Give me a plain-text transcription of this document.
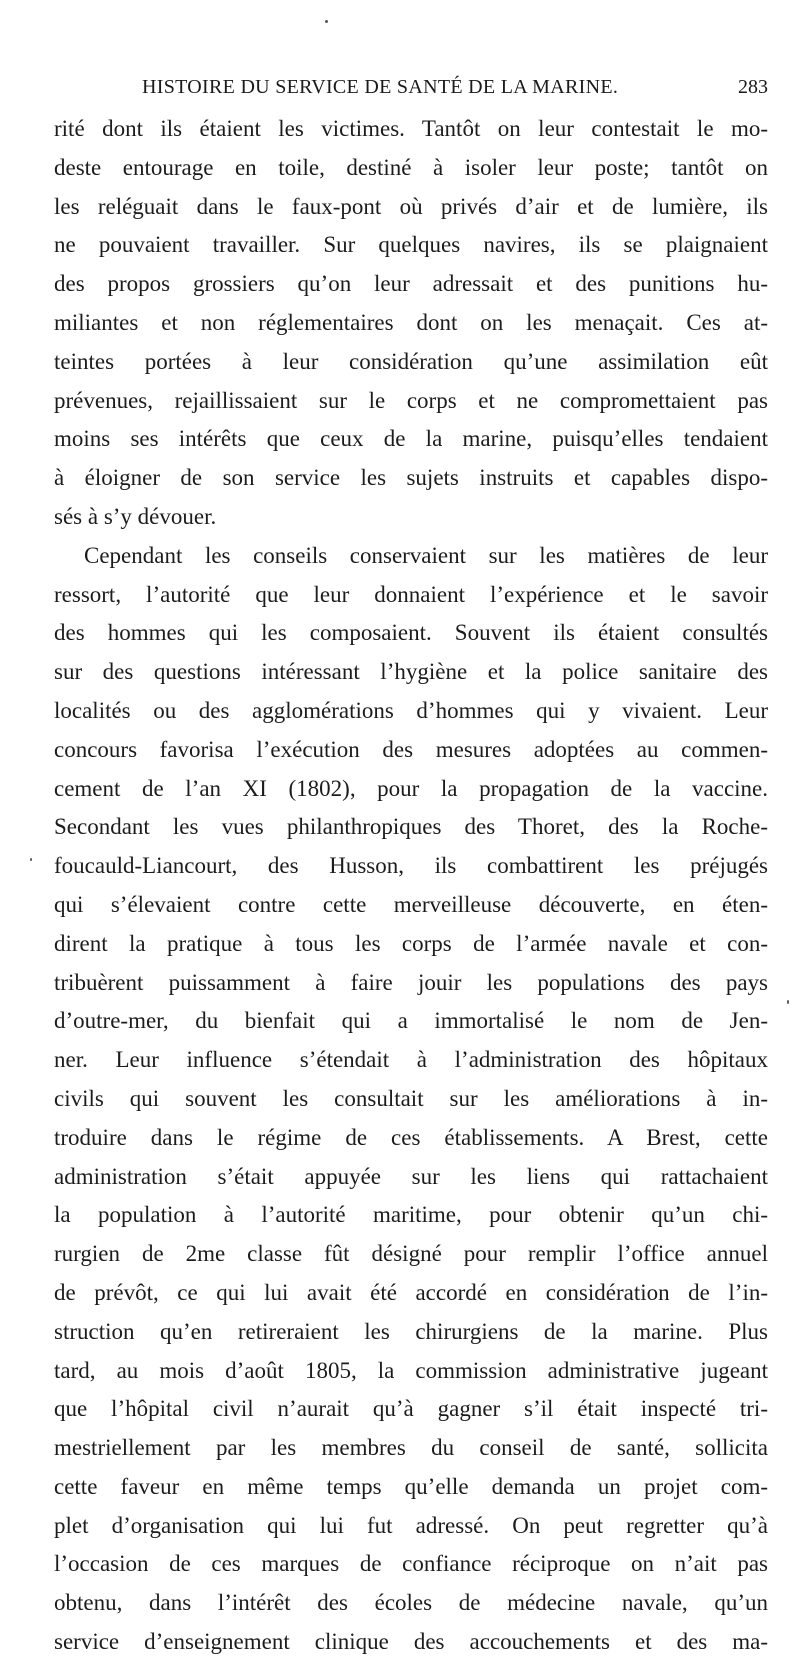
HISTOIRE DU SERVICE DE SANTÉ DE LA MARINE.	283
rité dont ils étaient les victimes. Tantôt on leur contestait le mo-
deste entourage en toile, destiné à isoler leur poste; tantôt on
les reléguait dans le faux-pont où privés d’air et de lumière, ils
ne pouvaient travailler. Sur quelques navires, ils se plaignaient
des propos grossiers qu’on leur adressait et des punitions hu-
miliantes et non réglementaires dont on les menaçait. Ces at-
teintes portées à leur considération qu’une assimilation eût
prévenues, rejaillissaient sur le corps et ne compromettaient pas
moins ses intérêts que ceux de la marine, puisqu’elles tendaient
à éloigner de son service les sujets instruits et capables dispo-
sés à s’y dévouer.
Cependant les conseils conservaient sur les matières de leur
ressort, l’autorité que leur donnaient l’expérience et le savoir
des hommes qui les composaient. Souvent ils étaient consultés
sur des questions intéressant l’hygiène et la police sanitaire des
localités ou des agglomérations d’hommes qui y vivaient. Leur
concours favorisa l’exécution des mesures adoptées au commen-
cement de l’an XI (1802), pour la propagation de la vaccine.
Secondant les vues philanthropiques des Thoret, des la Roche-
foucauld-Liancourt, des Husson, ils combattirent les préjugés
qui s’élevaient contre cette merveilleuse découverte, en éten-
dirent la pratique à tous les corps de l’armée navale et con-
tribuèrent puissamment à faire jouir les populations des pays
d’outre-mer, du bienfait qui a immortalisé le nom de Jen-
ner. Leur influence s’étendait à l’administration des hôpitaux
civils qui souvent les consultait sur les améliorations à in-
troduire dans le régime de ces établissements. A Brest, cette
administration s’était appuyée sur les liens qui rattachaient
la population à l’autorité maritime, pour obtenir qu’un chi-
rurgien de 2me classe fût désigné pour remplir l’office annuel
de prévôt, ce qui lui avait été accordé en considération de l’in-
struction qu’en retireraient les chirurgiens de la marine. Plus
tard, au mois d’août 1805, la commission administrative jugeant
que l’hôpital civil n’aurait qu’à gagner s’il était inspecté tri-
mestriellement par les membres du conseil de santé, sollicita
cette faveur en même temps qu’elle demanda un projet com-
plet d’organisation qui lui fut adressé. On peut regretter qu’à
l’occasion de ces marques de confiance réciproque on n’ait pas
obtenu, dans l’intérêt des écoles de médecine navale, qu’un
service d’enseignement clinique des accouchements et des ma-
